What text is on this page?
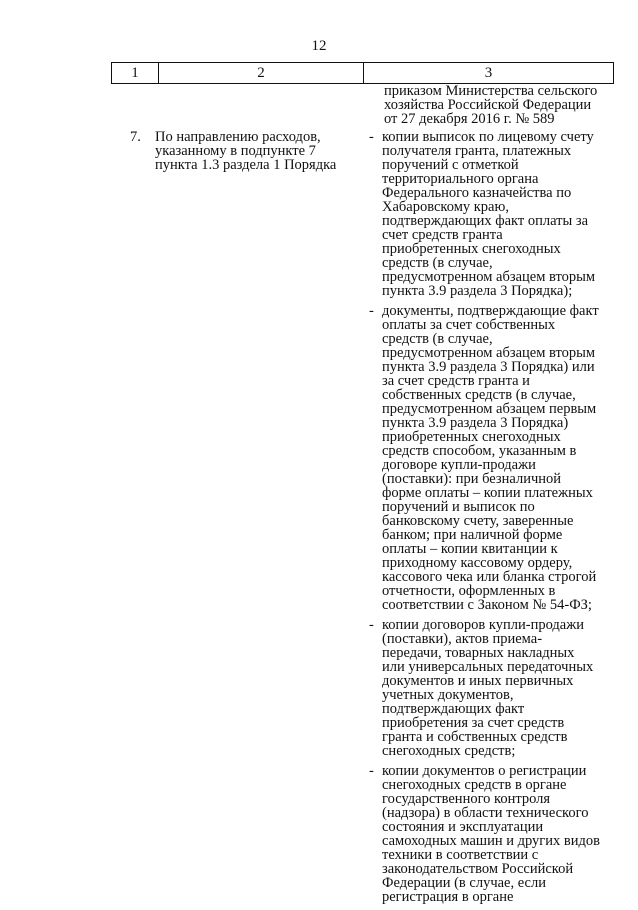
12
1	2	3
приказом Министерства сельского
хозяйства Российской Федерации
от 27 декабря 2016 г. № 589
7. По направлению расходов,
указанному в подпункте 7
пункта 1.3 раздела 1 Порядка
- копии выписок по лицевому счету
получателя гранта, платежных
поручений с отметкой
территориального органа
Федерального казначейства по
Хабаровскому краю,
подтверждающих факт оплаты за
счет средств гранта
приобретенных снегоходных
средств (в случае,
предусмотренном абзацем вторым
пункта 3.9 раздела 3 Порядка);
- документы, подтверждающие факт
оплаты за счет собственных
средств (в случае,
предусмотренном абзацем вторым
пункта 3.9 раздела 3 Порядка) или
за счет средств гранта и
собственных средств (в случае,
предусмотренном абзацем первым
пункта 3.9 раздела 3 Порядка)
приобретенных снегоходных
средств способом, указанным в
договоре купли-продажи
(поставки): при безналичной
форме оплаты – копии платежных
поручений и выписок по
банковскому счету, заверенные
банком; при наличной форме
оплаты – копии квитанции к
приходному кассовому ордеру,
кассового чека или бланка строгой
отчетности, оформленных в
соответствии с Законом № 54-ФЗ;
- копии договоров купли-продажи
(поставки), актов приема-
передачи, товарных накладных
или универсальных передаточных
документов и иных первичных
учетных документов,
подтверждающих факт
приобретения за счет средств
гранта и собственных средств
снегоходных средств;
- копии документов о регистрации
снегоходных средств в органе
государственного контроля
(надзора) в области технического
состояния и эксплуатации
самоходных машин и других видов
техники в соответствии с
законодательством Российской
Федерации (в случае, если
регистрация в органе
